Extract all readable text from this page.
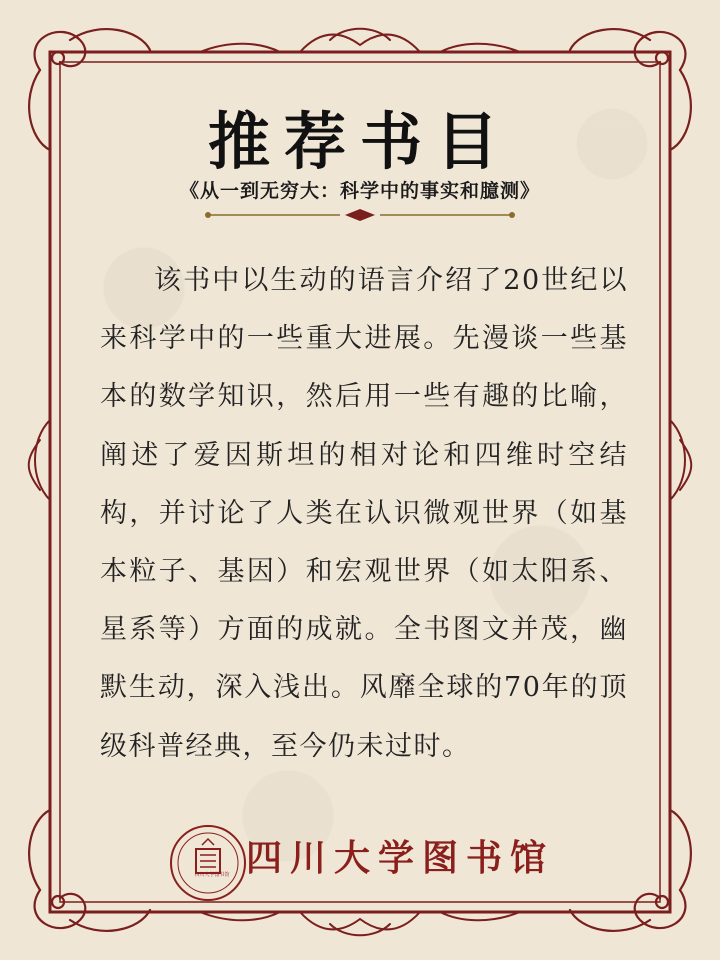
推荐书目
《从一到无穷大：科学中的事实和臆测》
该书中以生动的语言介绍了20世纪以来科学中的一些重大进展。先漫谈一些基本的数学知识，然后用一些有趣的比喻，阐述了爱因斯坦的相对论和四维时空结构，并讨论了人类在认识微观世界（如基本粒子、基因）和宏观世界（如太阳系、星系等）方面的成就。全书图文并茂，幽默生动，深入浅出。风靡全球的70年的顶级科普经典，至今仍未过时。
四川大学图书馆 四川大学图书馆
